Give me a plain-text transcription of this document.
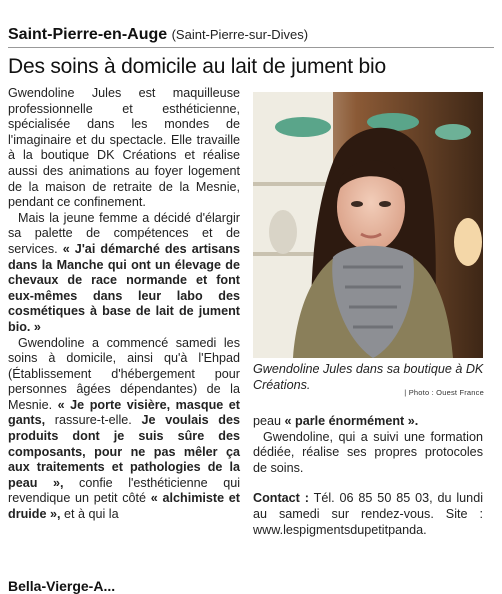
Saint-Pierre-en-Auge (Saint-Pierre-sur-Dives)
Des soins à domicile au lait de jument bio

Gwendoline Jules est maquilleuse professionnelle et esthéticienne, spécialisée dans les mondes de l'imaginaire et du spectacle. Elle travaille à la boutique DK Créations et réalise aussi des animations au foyer logement de la maison de retraite de la Mesnie, pendant ce confinement.

Mais la jeune femme a décidé d'élargir sa palette de compétences et de services. « J'ai démarché des artisans dans la Manche qui ont un élevage de chevaux de race normande et font eux-mêmes dans leur labo des cosmétiques à base de lait de jument bio. »

Gwendoline a commencé samedi les soins à domicile, ainsi qu'à l'Ehpad (Établissement d'hébergement pour personnes âgées dépendantes) de la Mesnie. « Je porte visière, masque et gants, rassure-t-elle. Je voulais des produits dont je suis sûre des composants, pour ne pas mêler ça aux traitements et pathologies de la peau », confie l'esthéticienne qui revendique un petit côté « alchimiste et druide », et à qui la

Gwendoline Jules dans sa boutique à DK Créations.
| Photo : Ouest France

peau « parle énormément ».

Gwendoline, qui a suivi une formation dédiée, réalise ses propres protocoles de soins.

Contact : Tél. 06 85 50 85 03, du lundi au samedi sur rendez-vous. Site : www.lespigmentsdupetitpanda.

Bella-Vierge-A...
